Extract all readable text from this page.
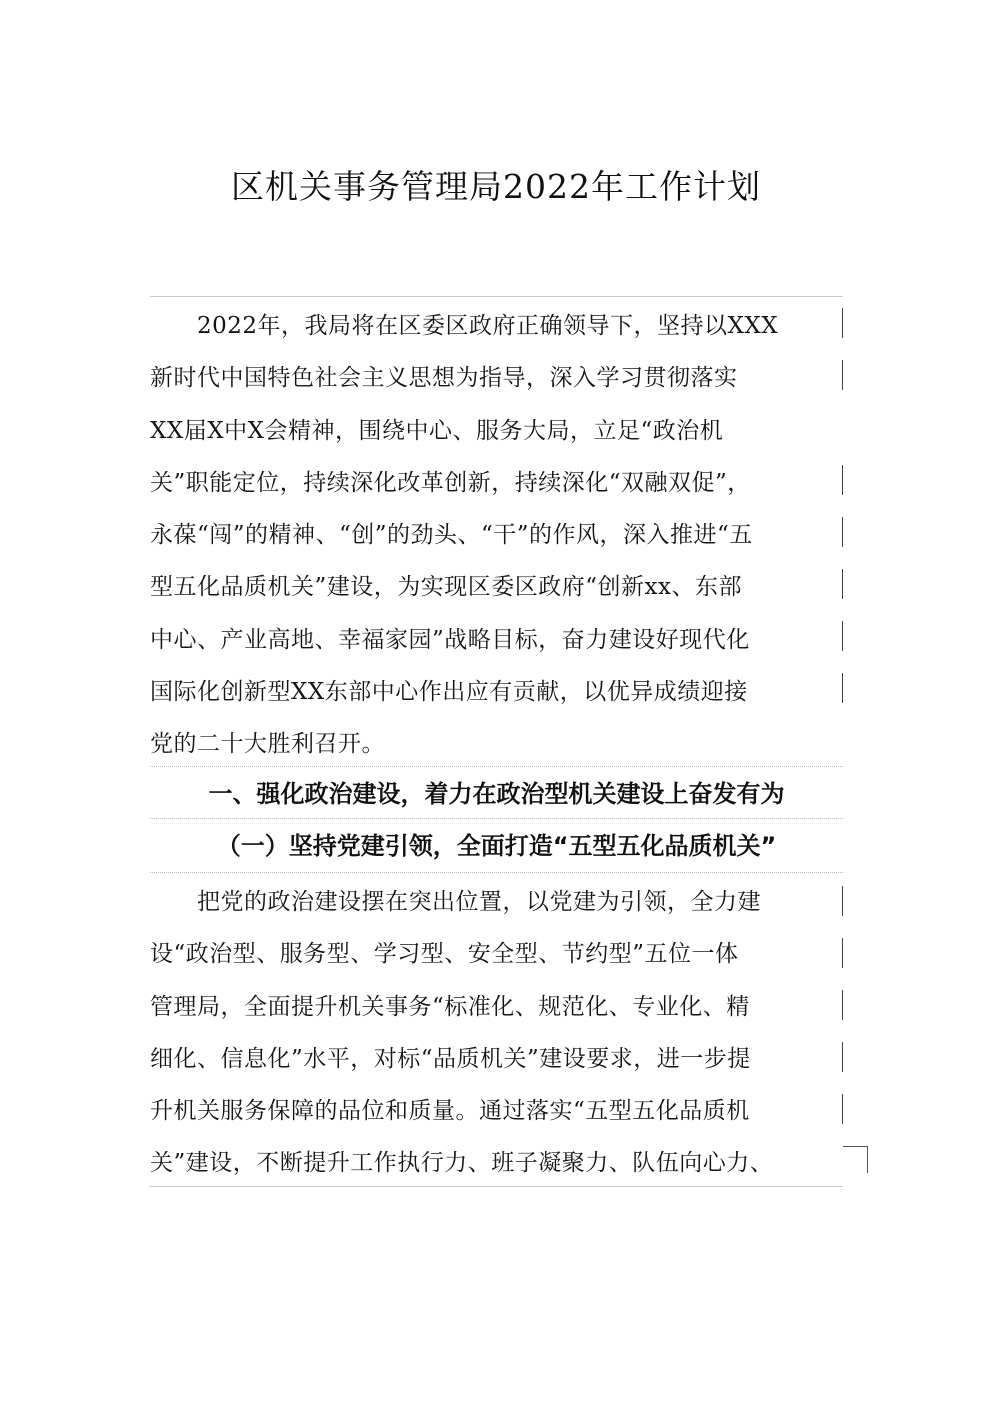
区机关事务管理局2022年工作计划
　　2022年，我局将在区委区政府正确领导下，坚持以XXX
新时代中国特色社会主义思想为指导，深入学习贯彻落实
XX届X中X会精神，围绕中心、服务大局，立足“政治机
关”职能定位，持续深化改革创新，持续深化“双融双促”，
永葆“闯”的精神、“创”的劲头、“干”的作风，深入推进“五
型五化品质机关”建设，为实现区委区政府“创新xx、东部
中心、产业高地、幸福家园”战略目标，奋力建设好现代化
国际化创新型XX东部中心作出应有贡献，以优异成绩迎接
党的二十大胜利召开。
一、强化政治建设，着力在政治型机关建设上奋发有为
（一）坚持党建引领，全面打造“五型五化品质机关”
　　把党的政治建设摆在突出位置，以党建为引领，全力建
设“政治型、服务型、学习型、安全型、节约型”五位一体
管理局，全面提升机关事务“标准化、规范化、专业化、精
细化、信息化”水平，对标“品质机关”建设要求，进一步提
升机关服务保障的品位和质量。通过落实“五型五化品质机
关”建设，不断提升工作执行力、班子凝聚力、队伍向心力、
